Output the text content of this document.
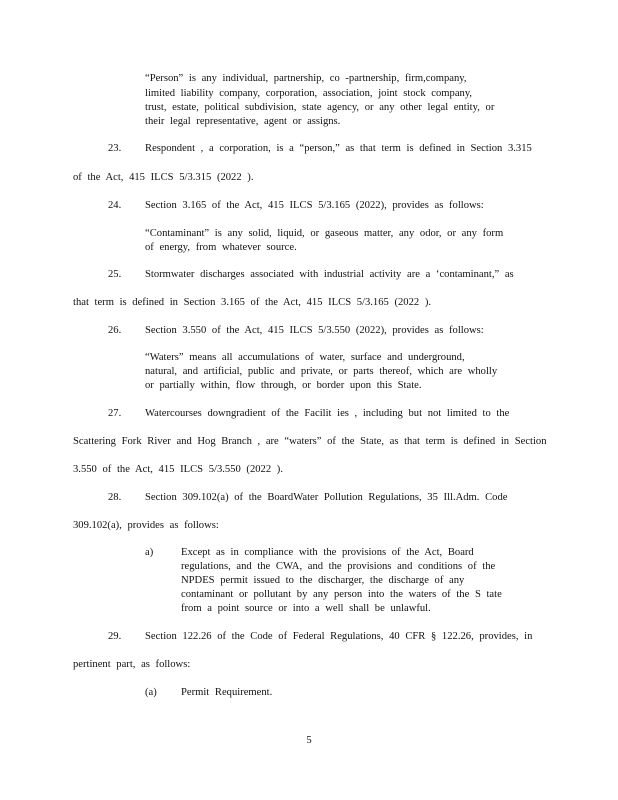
“Person” is any individual, partnership, co -partnership, firm,company,
limited liability company, corporation, association, joint stock company,
trust, estate, political subdivision, state agency, or any other legal entity, or
their legal representative, agent or assigns.
23. Respondent , a corporation, is a “person,” as that term is defined in Section 3.315
of the Act, 415 ILCS 5/3.315 (2022 ).
24. Section 3.165 of the Act, 415 ILCS 5/3.165 (2022), provides as follows:
“Contaminant” is any solid, liquid, or gaseous matter, any odor, or any form
of energy, from whatever source.
25. Stormwater discharges associated with industrial activity are a ‘contaminant,” as
that term is defined in Section 3.165 of the Act, 415 ILCS 5/3.165 (2022 ).
26. Section 3.550 of the Act, 415 ILCS 5/3.550 (2022), provides as follows:
“Waters” means all accumulations of water, surface and underground,
natural, and artificial, public and private, or parts thereof, which are wholly
or partially within, flow through, or border upon this State.
27. Watercourses downgradient of the Facilit ies , including but not limited to the
Scattering Fork River and Hog Branch , are “waters” of the State, as that term is defined in Section
3.550 of the Act, 415 ILCS 5/3.550 (2022 ).
28. Section 309.102(a) of the BoardWater Pollution Regulations, 35 Ill.Adm. Code
309.102(a), provides as follows:
a)	Except as in compliance with the provisions of the Act, Board
regulations, and the CWA, and the provisions and conditions of the
NPDES permit issued to the discharger, the discharge of any
contaminant or pollutant by any person into the waters of the S tate
from a point source or into a well shall be unlawful.
29. Section 122.26 of the Code of Federal Regulations, 40 CFR § 122.26, provides, in
pertinent part, as follows:
(a) Permit Requirement.
5
